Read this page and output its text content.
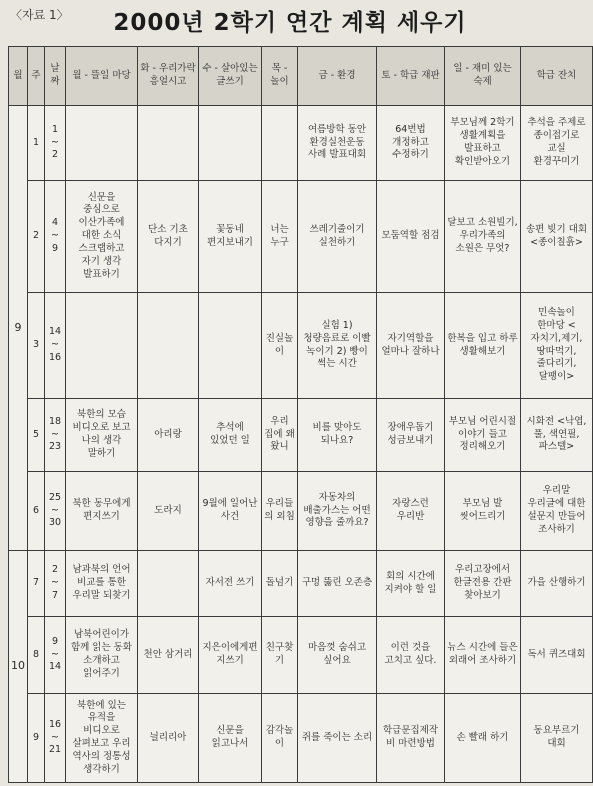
〈자료 1〉	2000년 2학기 연간 계획 세우기
월	주	날짜	월 - 뜰일 마당	화 - 우리가락 흥얼시고	수 - 살아있는 글쓰기	목 - 놀이	금 - 환경	토 - 학급 재판	일 - 재미 있는 숙제	학급 잔치
9	1	1 ~ 2					여름방학 동안 환경실천운동 사례 발표대회	64번법 개정하고 수정하기	부모님께 2학기 생활계획을 발표하고 확인받아오기	추석을 주제로 종이접기로 교실 환경꾸미기
	2	4 ~ 9	신문을 중심으로 이산가족에 대한 소식 스크랩하고 자기 생각 발표하기	단소 기초 다지기	꽃동네 편지보내기	너는 누구	쓰레기줄이기 실천하기	모둠역할 점검	달보고 소원빌기,우리가족의 소원은 무엇?	송편 빚기 대회 <종이칠흙>
	3	14 ~ 16				진실놀이	실험 1)청량음료로 이빨 녹이기 2) 빵이 썩는 시간	자기역할을 얼마나 잘하나	한복을 입고 하루 생활해보기	민속놀이 한마당 <자치기,제기, 땅따먹기, 줄다리기,달팽이>
	5	18 ~ 23	북한의 모습 비디오로 보고 나의 생각 말하기	아리랑	추석에 있었던 일	우리 집에 왜 왔니	비를 맞아도 되나요?	장애우돕기 성금보내기	부모님 어린시절 이야기 들고 정리해오기	시화전 <낙엽, 풀, 색연필,파스텔>
	6	25 ~ 30	북한 동무에게 편지쓰기	도라지	9월에 일어난 사건	우리들의 외침	자동차의 배출가스는 어떤 영향을 줄까요?	자랑스런 우리반	부모님 발 씻어드리기	우리말 우리글에 대한 설문지 만들어 조사하기
10	7	2 ~ 7	남과북의 언어 비교를 통한 우리말 되찾기		자서전 쓰기	돌넘기	구멍 뚫린 오존층	회의 시간에 지켜야 할 일	우리고장에서 한글전용 간판 찾아보기	가을 산행하기
	8	9 ~ 14	남북어린이가 함께 읽는 동화 소개하고 읽어주기	천안 삼거리	지은이에게편지쓰기	친구찾기	마음껏 숨쉬고 싶어요	이런 것을 고치고 싶다.	뉴스 시간에 들은 외래어 조사하기	독서 퀴즈대회
	9	16 ~ 21	북한에 있는 유적을 비디오로 살펴보고 우리 역사의 정통성 생각하기	늴리리아	신문을 읽고나서	감각놀이	쥐를 죽이는 소리	학급문집제작비 마련방법	손 빨래 하기	동요부르기 대회
